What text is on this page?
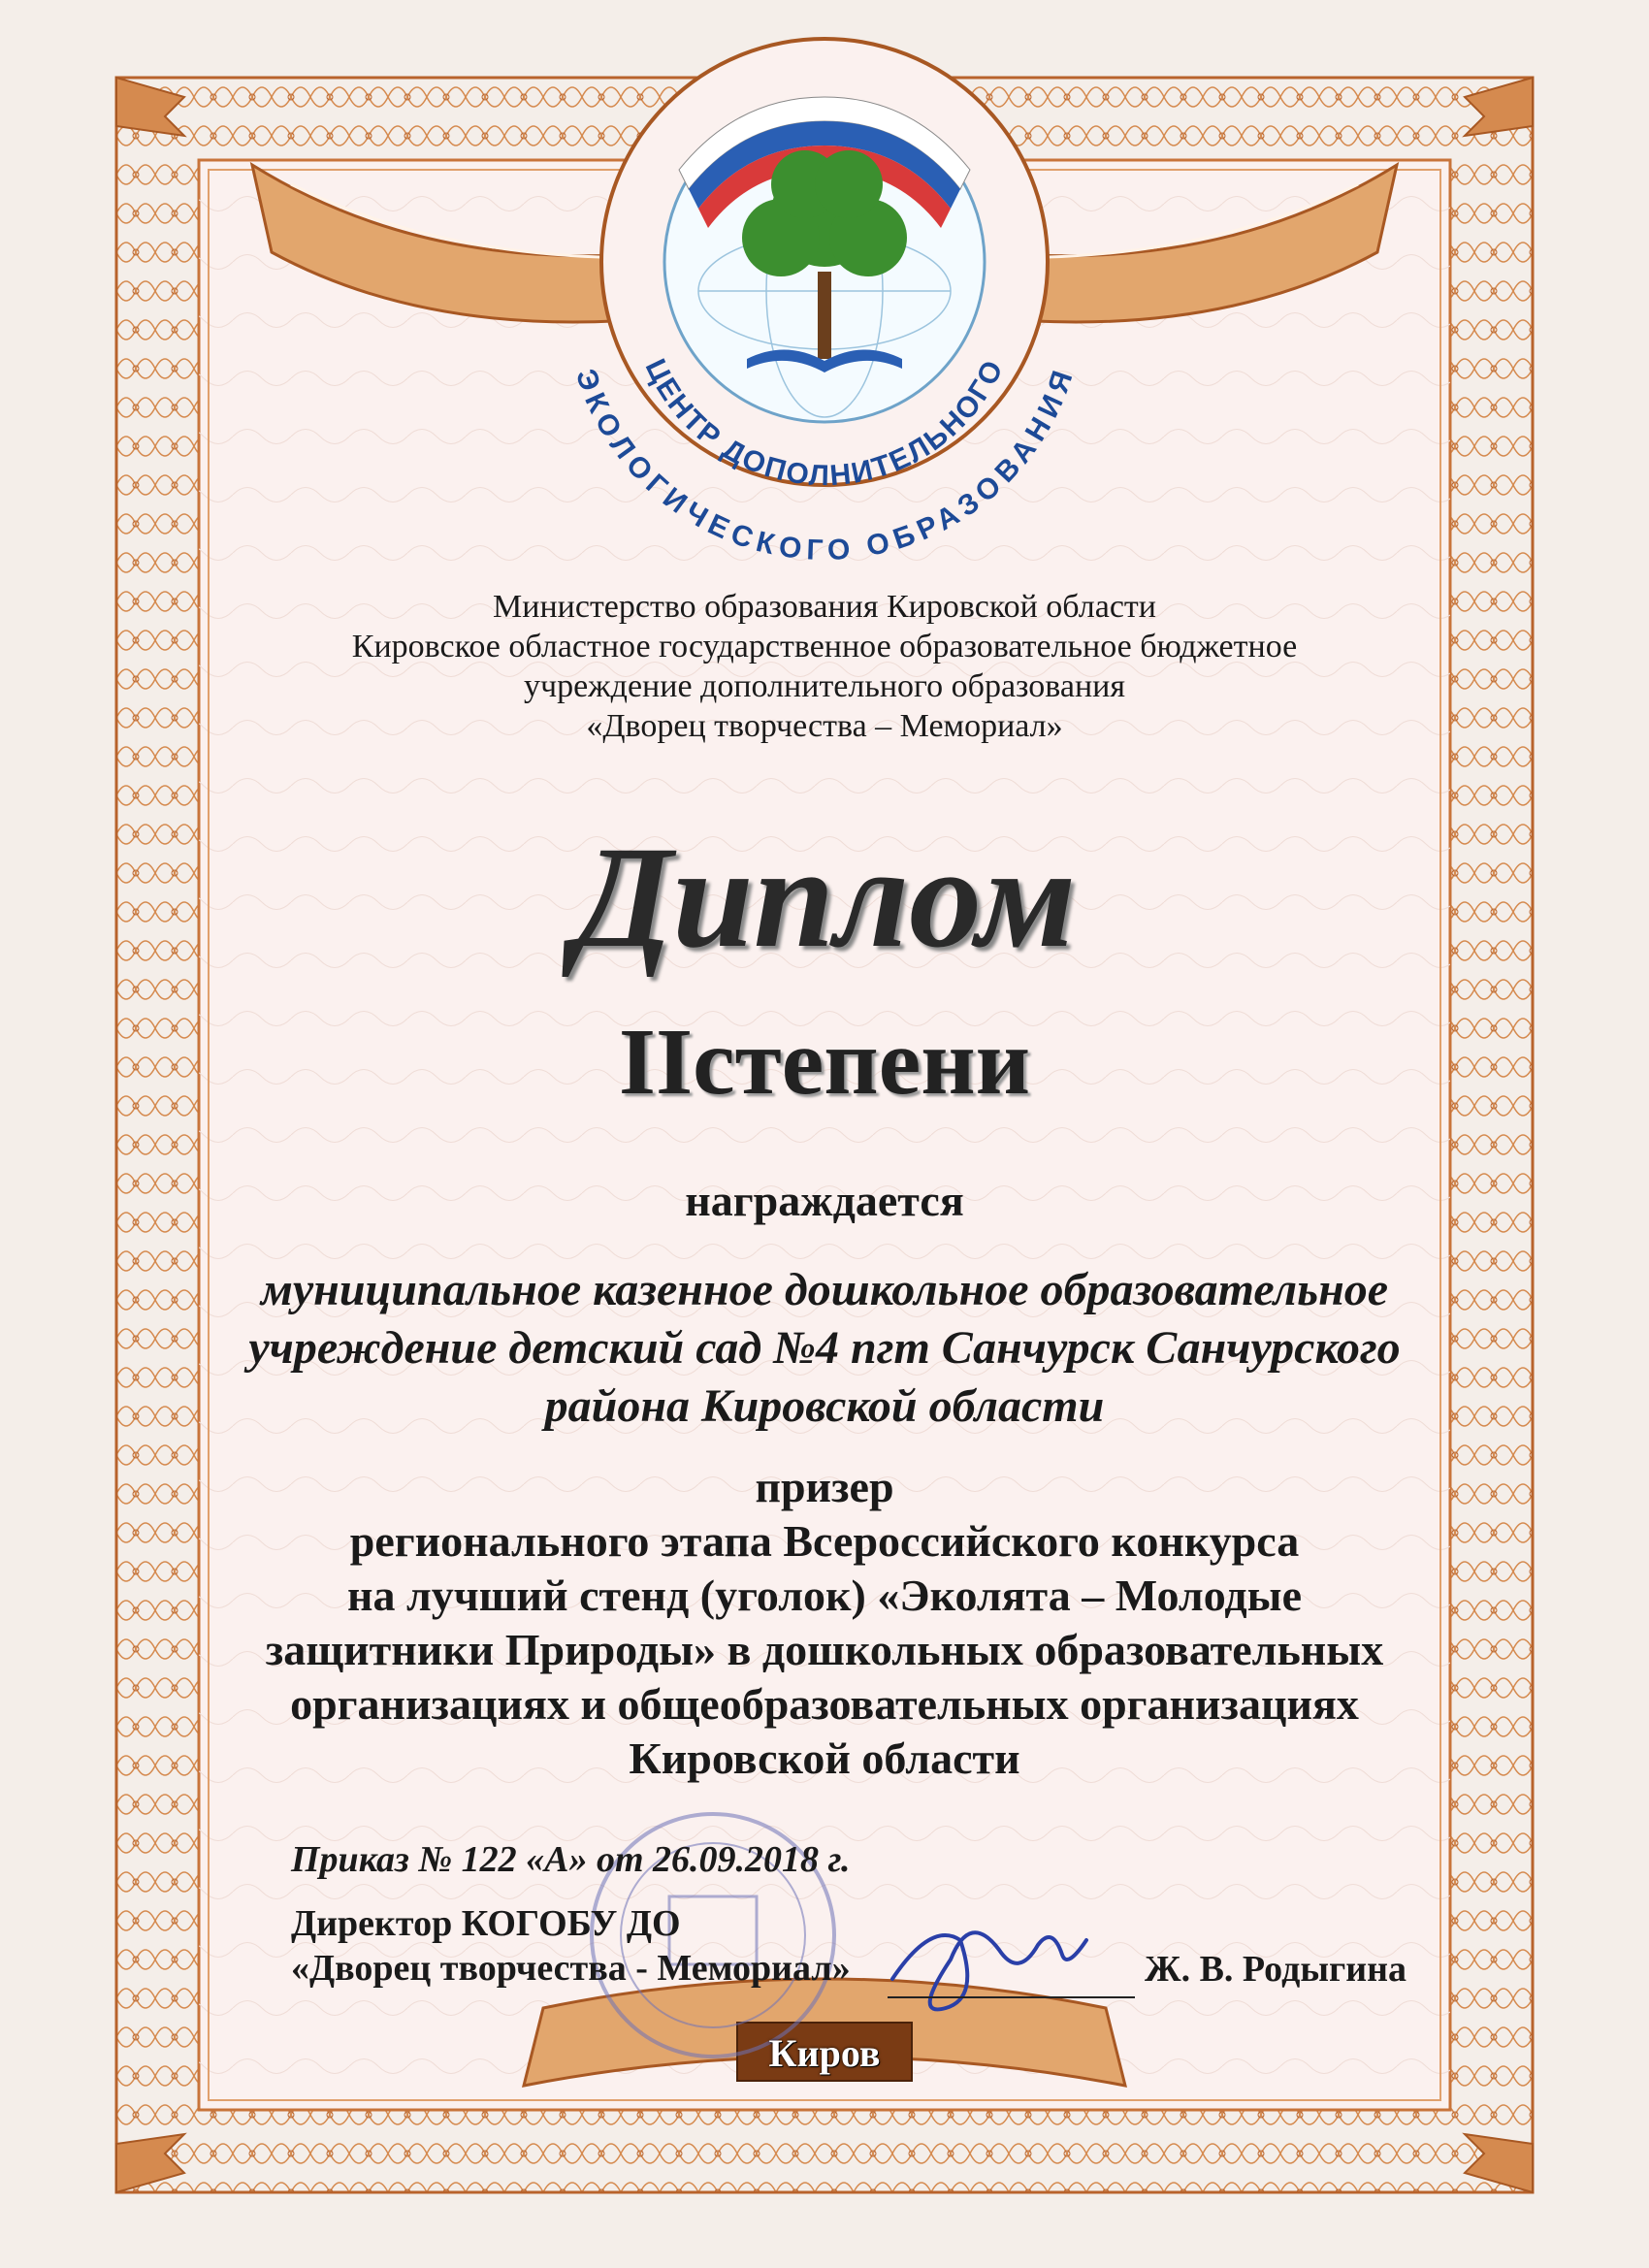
ЦЕНТР ДОПОЛНИТЕЛЬНОГО
ЭКОЛОГИЧЕСКОГО ОБРАЗОВАНИЯ
Министерство образования Кировской области
Кировское областное государственное образовательное бюджетное
учреждение дополнительного образования
«Дворец творчества – Мемориал»
Диплом
IIстепени
награждается
муниципальное казенное дошкольное образовательное
учреждение детский сад №4 пгт Санчурск Санчурского
района Кировской области
призер
регионального этапа Всероссийского конкурса
на лучший стенд (уголок) «Эколята – Молодые
защитники Природы» в дошкольных образовательных
организациях и общеобразовательных организациях
Кировской области
Приказ № 122 «А» от 26.09.2018 г.
Директор КОГОБУ ДО
«Дворец творчества - Мемориал»	Ж. В. Родыгина
Киров
